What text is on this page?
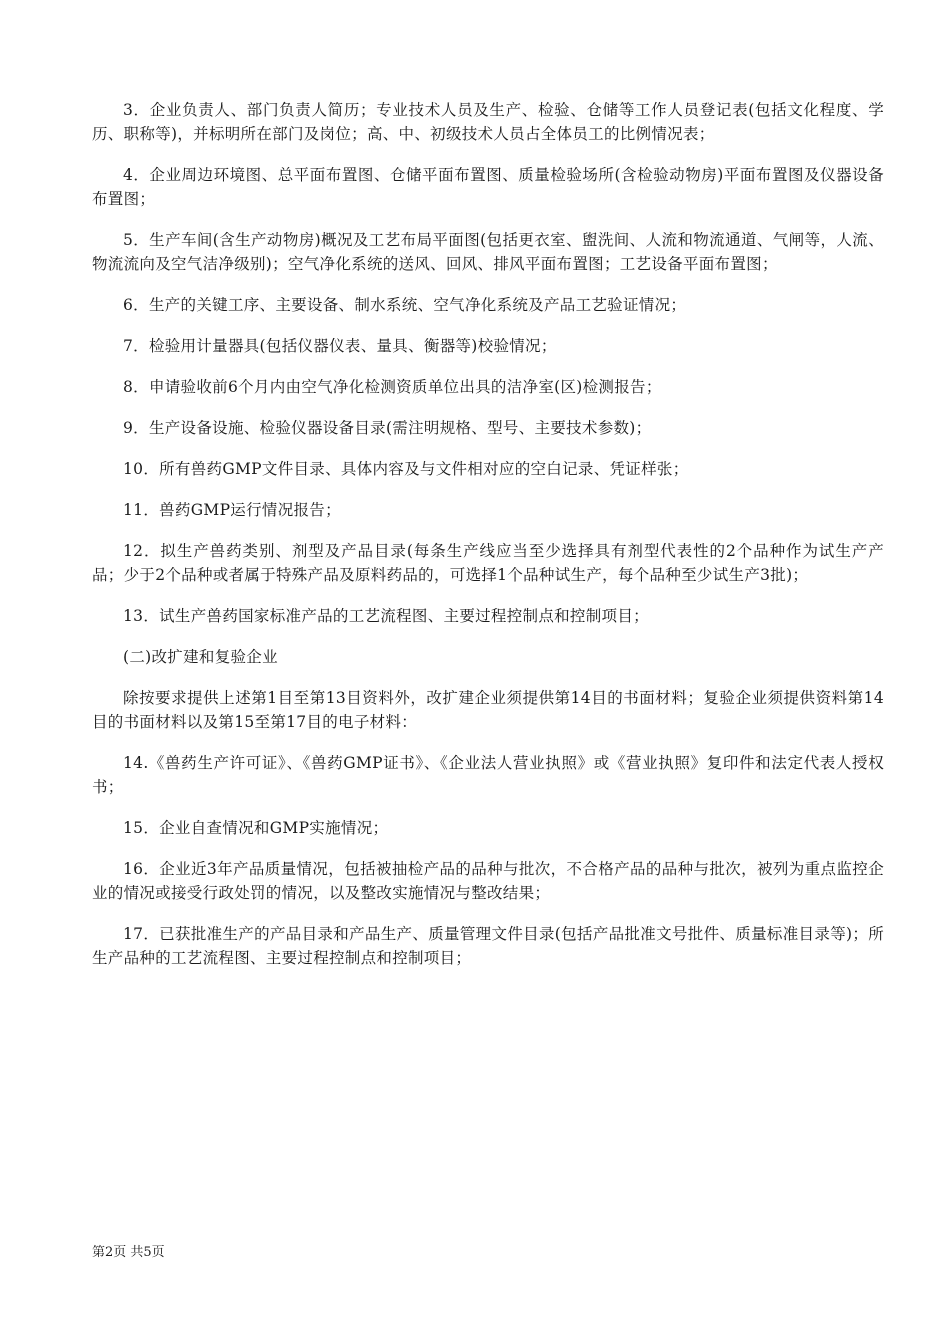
3．企业负责人、部门负责人简历；专业技术人员及生产、检验、仓储等工作人员登记表(包括文化程度、学历、职称等)，并标明所在部门及岗位；高、中、初级技术人员占全体员工的比例情况表；

4．企业周边环境图、总平面布置图、仓储平面布置图、质量检验场所(含检验动物房)平面布置图及仪器设备布置图；

5．生产车间(含生产动物房)概况及工艺布局平面图(包括更衣室、盥洗间、人流和物流通道、气闸等，人流、物流流向及空气洁净级别)；空气净化系统的送风、回风、排风平面布置图；工艺设备平面布置图；

6．生产的关键工序、主要设备、制水系统、空气净化系统及产品工艺验证情况；

7．检验用计量器具(包括仪器仪表、量具、衡器等)校验情况；

8．申请验收前6个月内由空气净化检测资质单位出具的洁净室(区)检测报告；

9．生产设备设施、检验仪器设备目录(需注明规格、型号、主要技术参数)；

10．所有兽药GMP文件目录、具体内容及与文件相对应的空白记录、凭证样张；

11．兽药GMP运行情况报告；

12．拟生产兽药类别、剂型及产品目录(每条生产线应当至少选择具有剂型代表性的2个品种作为试生产产品；少于2个品种或者属于特殊产品及原料药品的，可选择1个品种试生产，每个品种至少试生产3批)；

13．试生产兽药国家标准产品的工艺流程图、主要过程控制点和控制项目；

(二)改扩建和复验企业

除按要求提供上述第1目至第13目资料外，改扩建企业须提供第14目的书面材料；复验企业须提供资料第14目的书面材料以及第15至第17目的电子材料：

14.《兽药生产许可证》、《兽药GMP证书》、《企业法人营业执照》或《营业执照》复印件和法定代表人授权书；

15．企业自查情况和GMP实施情况；

16．企业近3年产品质量情况，包括被抽检产品的品种与批次，不合格产品的品种与批次，被列为重点监控企业的情况或接受行政处罚的情况，以及整改实施情况与整改结果；

17．已获批准生产的产品目录和产品生产、质量管理文件目录(包括产品批准文号批件、质量标准目录等)；所生产品种的工艺流程图、主要过程控制点和控制项目；

第2页 共5页
